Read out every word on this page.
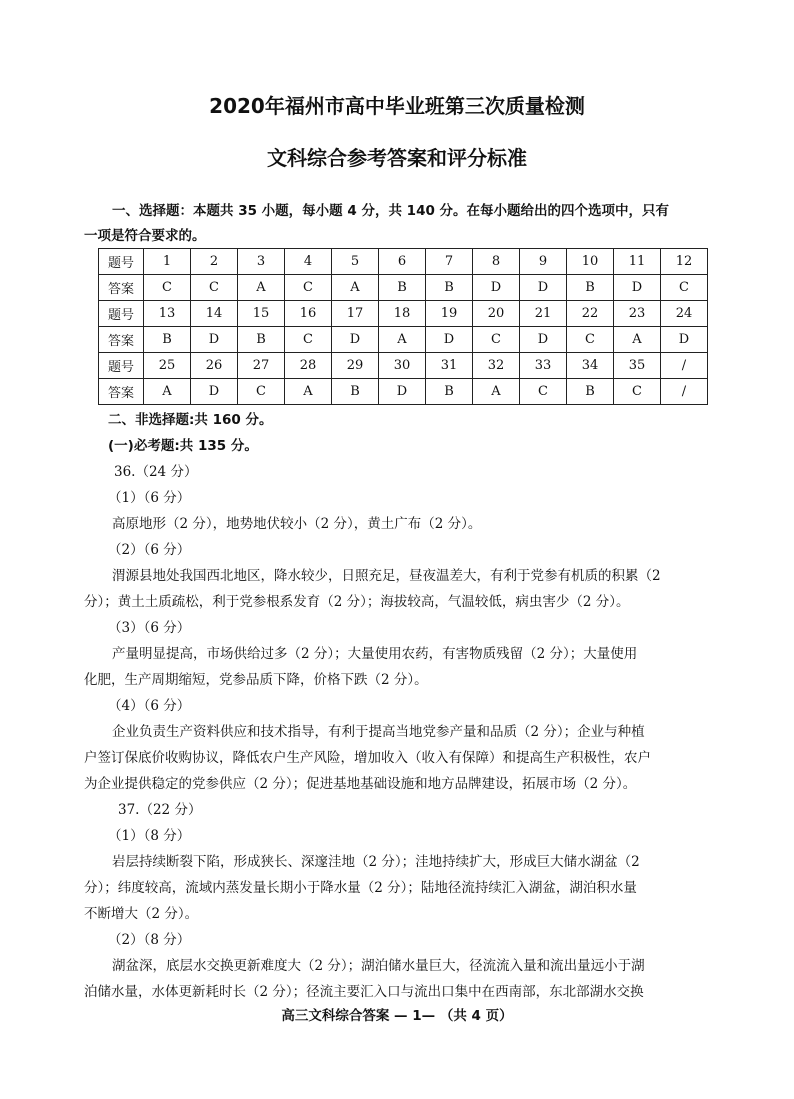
2020年福州市高中毕业班第三次质量检测
文科综合参考答案和评分标准
一、选择题：本题共 35 小题，每小题 4 分，共 140 分。在每小题给出的四个选项中，只有
一项是符合要求的。
题号	1	2	3	4	5	6	7	8	9	10	11	12
答案	C	C	A	C	A	B	B	D	D	B	D	C
题号	13	14	15	16	17	18	19	20	21	22	23	24
答案	B	D	B	C	D	A	D	C	D	C	A	D
题号	25	26	27	28	29	30	31	32	33	34	35	/
答案	A	D	C	A	B	D	B	A	C	B	C	/
二、非选择题:共 160 分。
(一)必考题:共 135 分。
36.（24 分）
（1）（6 分）
高原地形（2 分），地势地伏较小（2 分），黄土广布（2 分）。
（2）（6 分）
渭源县地处我国西北地区，降水较少，日照充足，昼夜温差大，有利于党参有机质的积累（2
分）；黄土土质疏松，利于党参根系发育（2 分）；海拔较高，气温较低，病虫害少（2 分）。
（3）（6 分）
产量明显提高，市场供给过多（2 分）；大量使用农药，有害物质残留（2 分）；大量使用
化肥，生产周期缩短，党参品质下降，价格下跌（2 分）。
（4）（6 分）
企业负责生产资料供应和技术指导，有利于提高当地党参产量和品质（2 分）；企业与种植
户签订保底价收购协议，降低农户生产风险，增加收入（收入有保障）和提高生产积极性，农户
为企业提供稳定的党参供应（2 分）；促进基地基础设施和地方品牌建设，拓展市场（2 分）。
37.（22 分）
（1）（8 分）
岩层持续断裂下陷，形成狭长、深邃洼地（2 分）；洼地持续扩大，形成巨大储水湖盆（2
分）；纬度较高，流域内蒸发量长期小于降水量（2 分）；陆地径流持续汇入湖盆，湖泊积水量
不断增大（2 分）。
（2）（8 分）
湖盆深，底层水交换更新难度大（2 分）；湖泊储水量巨大，径流流入量和流出量远小于湖
泊储水量，水体更新耗时长（2 分）；径流主要汇入口与流出口集中在西南部，东北部湖水交换
高三文科综合答案 — 1— （共 4 页）
